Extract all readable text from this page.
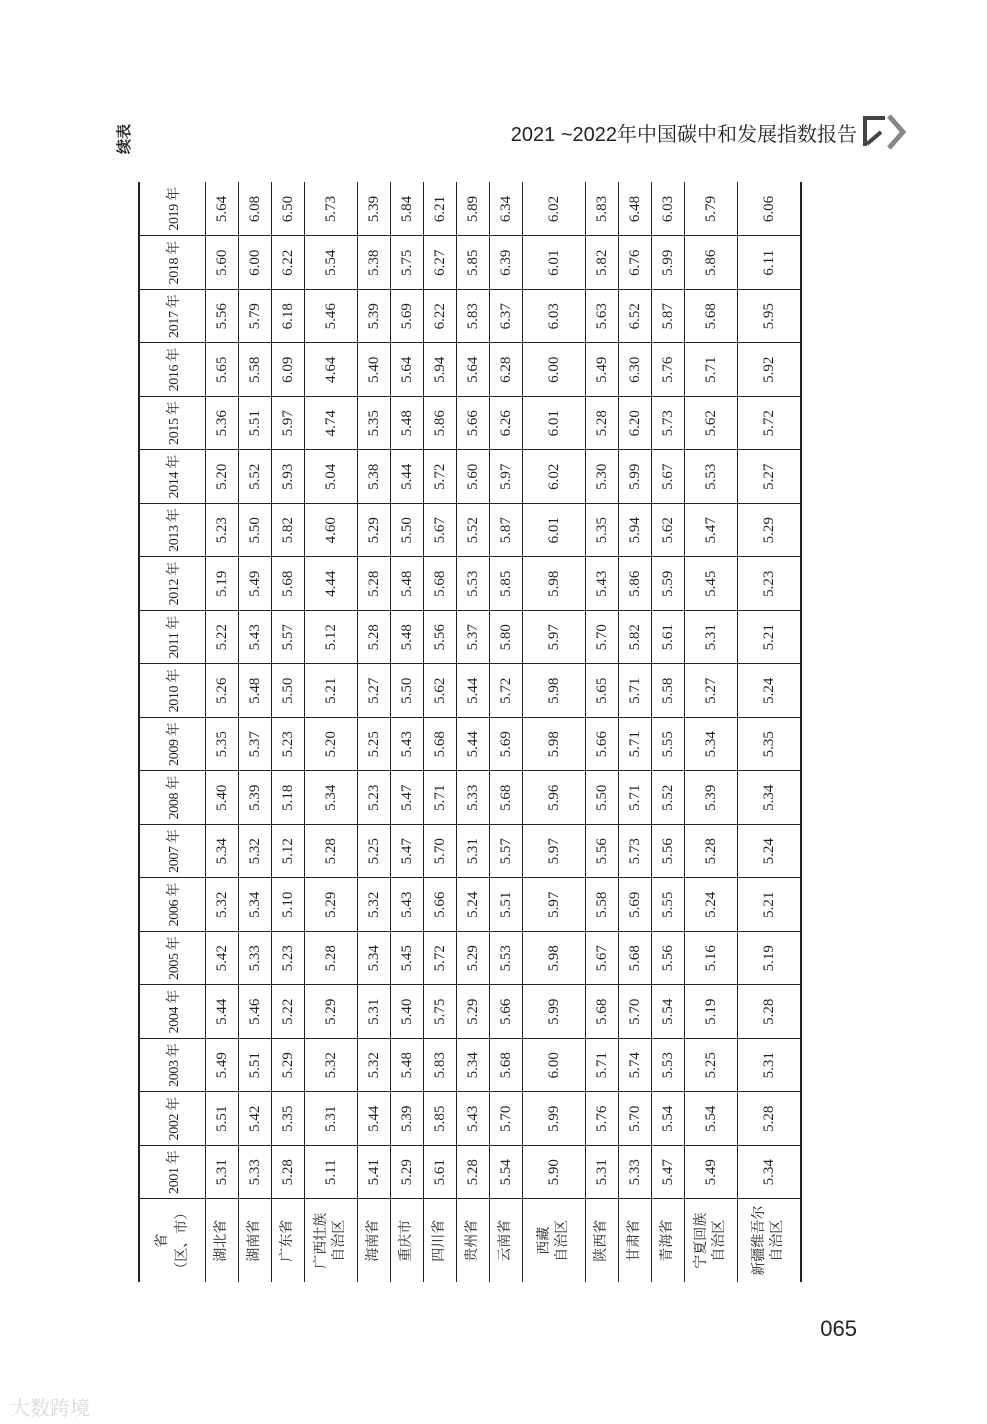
2021 ~2022年中国碳中和发展指数报告
续表
省 （区、市）	2001 年	2002 年	2003 年	2004 年	2005 年	2006 年	2007 年	2008 年	2009 年	2010 年	2011 年	2012 年	2013 年	2014 年	2015 年	2016 年	2017 年	2018 年	2019 年

湖北省	5.31	5.51	5.49	5.44	5.42	5.32	5.34	5.40	5.35	5.26	5.22	5.19	5.23	5.20	5.36	5.65	5.56	5.60	5.64

湖南省	5.33	5.42	5.51	5.46	5.33	5.34	5.32	5.39	5.37	5.48	5.43	5.49	5.50	5.52	5.51	5.58	5.79	6.00	6.08

广东省	5.28	5.35	5.29	5.22	5.23	5.10	5.12	5.18	5.23	5.50	5.57	5.68	5.82	5.93	5.97	6.09	6.18	6.22	6.50

广西壮族 自治区	5.11	5.31	5.32	5.29	5.28	5.29	5.28	5.34	5.20	5.21	5.12	4.44	4.60	5.04	4.74	4.64	5.46	5.54	5.73

海南省	5.41	5.44	5.32	5.31	5.34	5.32	5.25	5.23	5.25	5.27	5.28	5.28	5.29	5.38	5.35	5.40	5.39	5.38	5.39

重庆市	5.29	5.39	5.48	5.40	5.45	5.43	5.47	5.47	5.43	5.50	5.48	5.48	5.50	5.44	5.48	5.64	5.69	5.75	5.84

四川省	5.61	5.85	5.83	5.75	5.72	5.66	5.70	5.71	5.68	5.62	5.56	5.68	5.67	5.72	5.86	5.94	6.22	6.27	6.21

贵州省	5.28	5.43	5.34	5.29	5.29	5.24	5.31	5.33	5.44	5.44	5.37	5.53	5.52	5.60	5.66	5.64	5.83	5.85	5.89

云南省	5.54	5.70	5.68	5.66	5.53	5.51	5.57	5.68	5.69	5.72	5.80	5.85	5.87	5.97	6.26	6.28	6.37	6.39	6.34

西藏 自治区	5.90	5.99	6.00	5.99	5.98	5.97	5.97	5.96	5.98	5.98	5.97	5.98	6.01	6.02	6.01	6.00	6.03	6.01	6.02

陕西省	5.31	5.76	5.71	5.68	5.67	5.58	5.56	5.50	5.66	5.65	5.70	5.43	5.35	5.30	5.28	5.49	5.63	5.82	5.83

甘肃省	5.33	5.70	5.74	5.70	5.68	5.69	5.73	5.71	5.71	5.71	5.82	5.86	5.94	5.99	6.20	6.30	6.52	6.76	6.48

青海省	5.47	5.54	5.53	5.54	5.56	5.55	5.56	5.52	5.55	5.58	5.61	5.59	5.62	5.67	5.73	5.76	5.87	5.99	6.03

宁夏回族 自治区	5.49	5.54	5.25	5.19	5.16	5.24	5.28	5.39	5.34	5.27	5.31	5.45	5.47	5.53	5.62	5.71	5.68	5.86	5.79

新疆维吾尔 自治区	5.34	5.28	5.31	5.28	5.19	5.21	5.24	5.34	5.35	5.24	5.21	5.23	5.29	5.27	5.72	5.92	5.95	6.11	6.06
065
大数跨境
